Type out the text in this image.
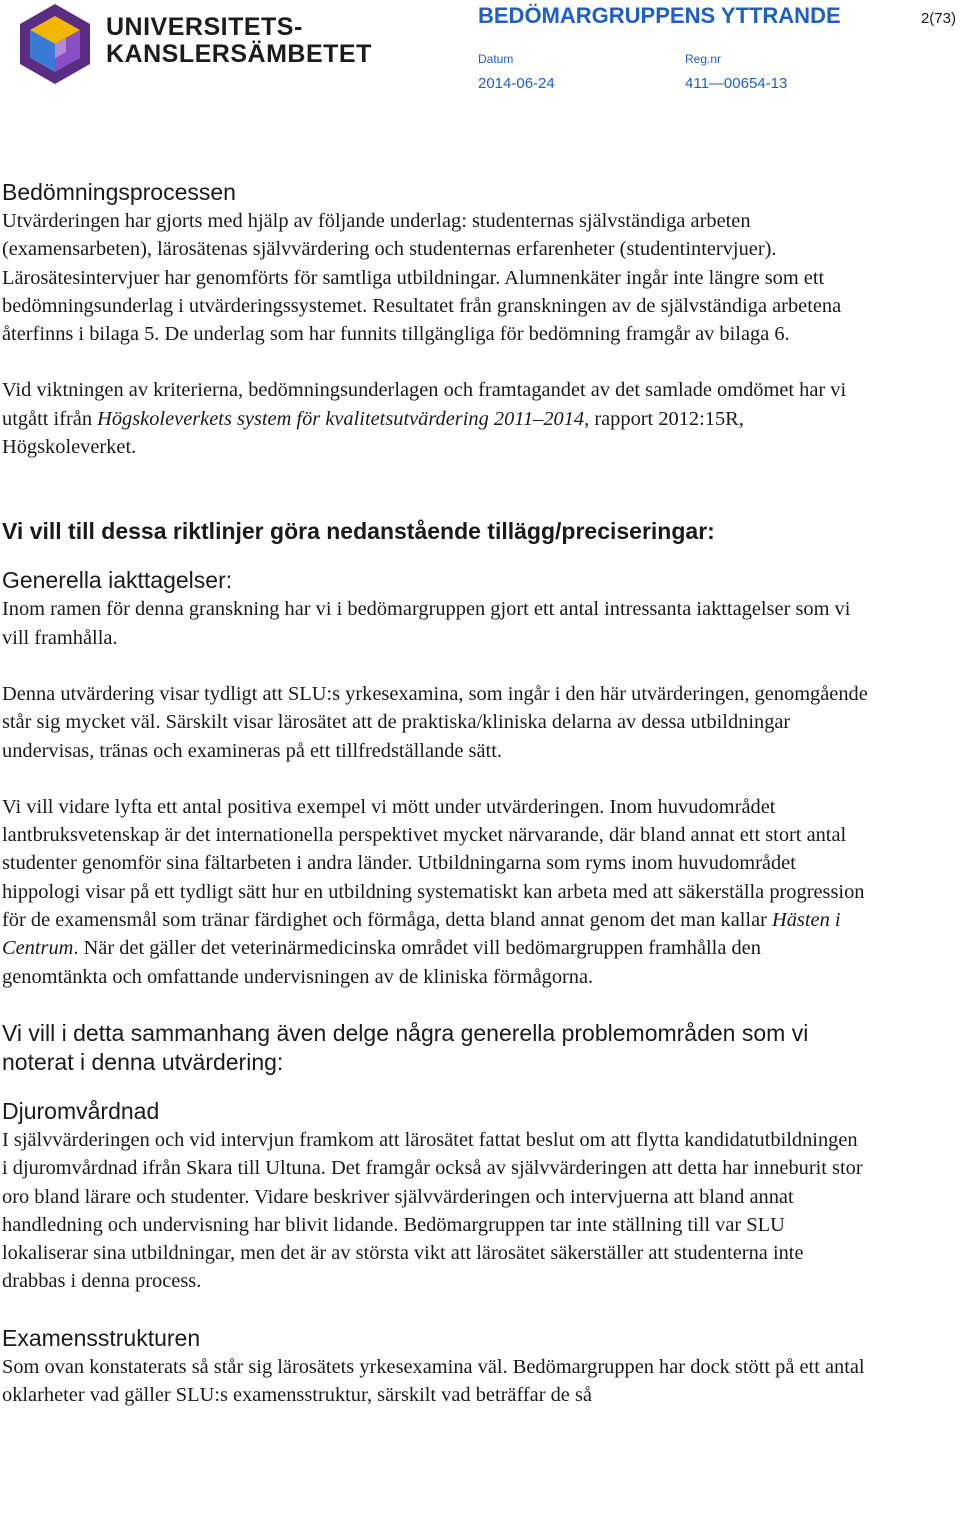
UNIVERSITETS-
KANSLERSÄMBETET
BEDÖMARGRUPPENS YTTRANDE	2(73)
Datum	Reg.nr
2014-06-24	411—00654-13
Bedömningsprocessen

Utvärderingen har gjorts med hjälp av följande underlag: studenternas självständiga arbeten (examensarbeten), lärosätenas självvärdering och studenternas erfarenheter (studentintervjuer). Lärosätesintervjuer har genomförts för samtliga utbildningar. Alumnenkäter ingår inte längre som ett bedömningsunderlag i utvärderingssystemet. Resultatet från granskningen av de självständiga arbetena återfinns i bilaga 5. De underlag som har funnits tillgängliga för bedömning framgår av bilaga 6.

Vid viktningen av kriterierna, bedömningsunderlagen och framtagandet av det samlade omdömet har vi utgått ifrån Högskoleverkets system för kvalitetsutvärdering 2011–2014, rapport 2012:15R, Högskoleverket.

Vi vill till dessa riktlinjer göra nedanstående tillägg/preciseringar:
Generella iakttagelser:

Inom ramen för denna granskning har vi i bedömargruppen gjort ett antal intressanta iakttagelser som vi vill framhålla.

Denna utvärdering visar tydligt att SLU:s yrkesexamina, som ingår i den här utvärderingen, genomgående står sig mycket väl. Särskilt visar lärosätet att de praktiska/kliniska delarna av dessa utbildningar undervisas, tränas och examineras på ett tillfredställande sätt.

Vi vill vidare lyfta ett antal positiva exempel vi mött under utvärderingen. Inom huvudområdet lantbruksvetenskap är det internationella perspektivet mycket närvarande, där bland annat ett stort antal studenter genomför sina fältarbeten i andra länder. Utbildningarna som ryms inom huvudområdet hippologi visar på ett tydligt sätt hur en utbildning systematiskt kan arbeta med att säkerställa progression för de examensmål som tränar färdighet och förmåga, detta bland annat genom det man kallar Hästen i Centrum. När det gäller det veterinärmedicinska området vill bedömargruppen framhålla den genomtänkta och omfattande undervisningen av de kliniska förmågorna.

Vi vill i detta sammanhang även delge några generella problemområden som vi noterat i denna utvärdering:
Djuromvårdnad

I självvärderingen och vid intervjun framkom att lärosätet fattat beslut om att flytta kandidatutbildningen i djuromvårdnad ifrån Skara till Ultuna. Det framgår också av självvärderingen att detta har inneburit stor oro bland lärare och studenter. Vidare beskriver självvärderingen och intervjuerna att bland annat handledning och undervisning har blivit lidande. Bedömargruppen tar inte ställning till var SLU lokaliserar sina utbildningar, men det är av största vikt att lärosätet säkerställer att studenterna inte drabbas i denna process.

Examensstrukturen

Som ovan konstaterats så står sig lärosätets yrkesexamina väl. Bedömargruppen har dock stött på ett antal oklarheter vad gäller SLU:s examensstruktur, särskilt vad beträffar de så
